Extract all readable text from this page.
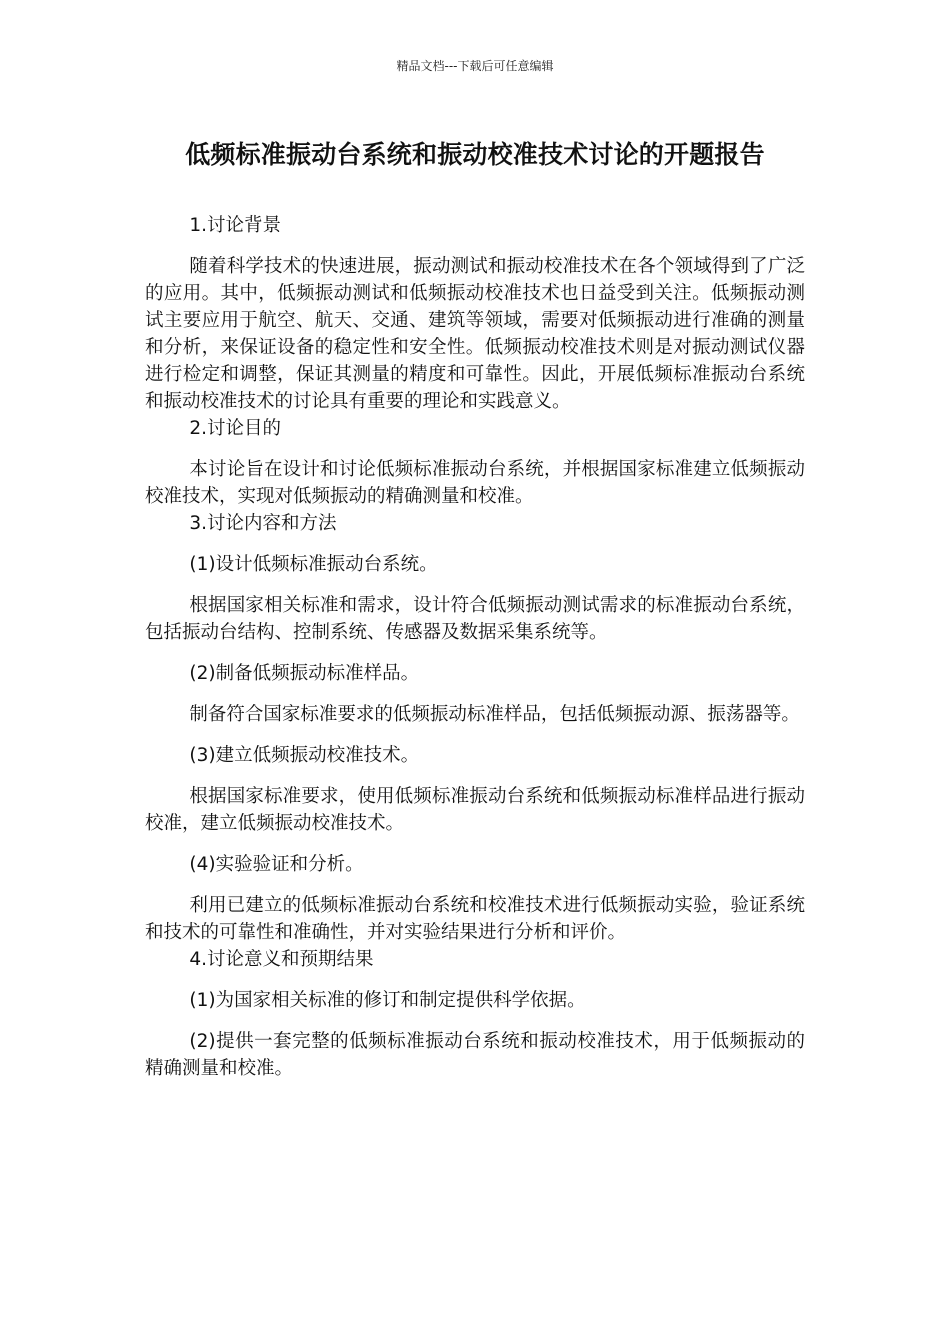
精品文档---下载后可任意编辑
低频标准振动台系统和振动校准技术讨论的开题报告

1.讨论背景

随着科学技术的快速进展，振动测试和振动校准技术在各个领域得到了广泛的应用。其中，低频振动测试和低频振动校准技术也日益受到关注。低频振动测试主要应用于航空、航天、交通、建筑等领域，需要对低频振动进行准确的测量和分析，来保证设备的稳定性和安全性。低频振动校准技术则是对振动测试仪器进行检定和调整，保证其测量的精度和可靠性。因此，开展低频标准振动台系统和振动校准技术的讨论具有重要的理论和实践意义。

2.讨论目的

本讨论旨在设计和讨论低频标准振动台系统，并根据国家标准建立低频振动校准技术，实现对低频振动的精确测量和校准。

3.讨论内容和方法

(1)设计低频标准振动台系统。

根据国家相关标准和需求，设计符合低频振动测试需求的标准振动台系统，包括振动台结构、控制系统、传感器及数据采集系统等。

(2)制备低频振动标准样品。

制备符合国家标准要求的低频振动标准样品，包括低频振动源、振荡器等。

(3)建立低频振动校准技术。

根据国家标准要求，使用低频标准振动台系统和低频振动标准样品进行振动校准，建立低频振动校准技术。

(4)实验验证和分析。

利用已建立的低频标准振动台系统和校准技术进行低频振动实验，验证系统和技术的可靠性和准确性，并对实验结果进行分析和评价。

4.讨论意义和预期结果

(1)为国家相关标准的修订和制定提供科学依据。

(2)提供一套完整的低频标准振动台系统和振动校准技术，用于低频振动的精确测量和校准。
